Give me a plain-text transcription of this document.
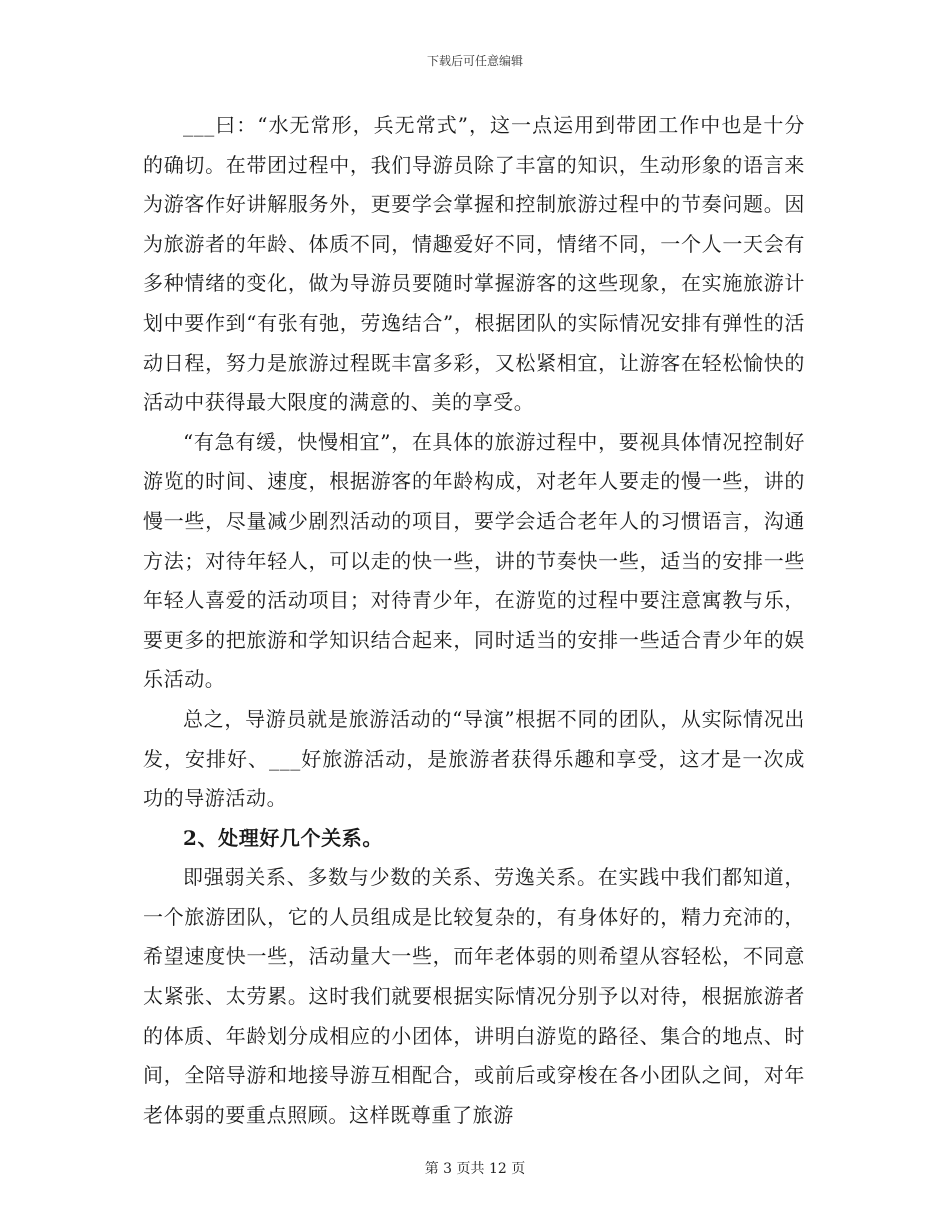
下载后可任意编辑

___曰：“水无常形，兵无常式”，这一点运用到带团工作中也是十分的确切。在带团过程中，我们导游员除了丰富的知识，生动形象的语言来为游客作好讲解服务外，更要学会掌握和控制旅游过程中的节奏问题。因为旅游者的年龄、体质不同，情趣爱好不同，情绪不同，一个人一天会有多种情绪的变化，做为导游员要随时掌握游客的这些现象，在实施旅游计划中要作到“有张有弛，劳逸结合”，根据团队的实际情况安排有弹性的活动日程，努力是旅游过程既丰富多彩，又松紧相宜，让游客在轻松愉快的活动中获得最大限度的满意的、美的享受。

“有急有缓，快慢相宜”，在具体的旅游过程中，要视具体情况控制好游览的时间、速度，根据游客的年龄构成，对老年人要走的慢一些，讲的慢一些，尽量减少剧烈活动的项目，要学会适合老年人的习惯语言，沟通方法；对待年轻人，可以走的快一些，讲的节奏快一些，适当的安排一些年轻人喜爱的活动项目；对待青少年，在游览的过程中要注意寓教与乐，要更多的把旅游和学知识结合起来，同时适当的安排一些适合青少年的娱乐活动。

总之，导游员就是旅游活动的“导演”根据不同的团队，从实际情况出发，安排好、___好旅游活动，是旅游者获得乐趣和享受，这才是一次成功的导游活动。

2、处理好几个关系。

即强弱关系、多数与少数的关系、劳逸关系。在实践中我们都知道，一个旅游团队，它的人员组成是比较复杂的，有身体好的，精力充沛的，希望速度快一些，活动量大一些，而年老体弱的则希望从容轻松，不同意太紧张、太劳累。这时我们就要根据实际情况分别予以对待，根据旅游者的体质、年龄划分成相应的小团体，讲明白游览的路径、集合的地点、时间，全陪导游和地接导游互相配合，或前后或穿梭在各小团队之间，对年老体弱的要重点照顾。这样既尊重了旅游

第 3 页共 12 页
